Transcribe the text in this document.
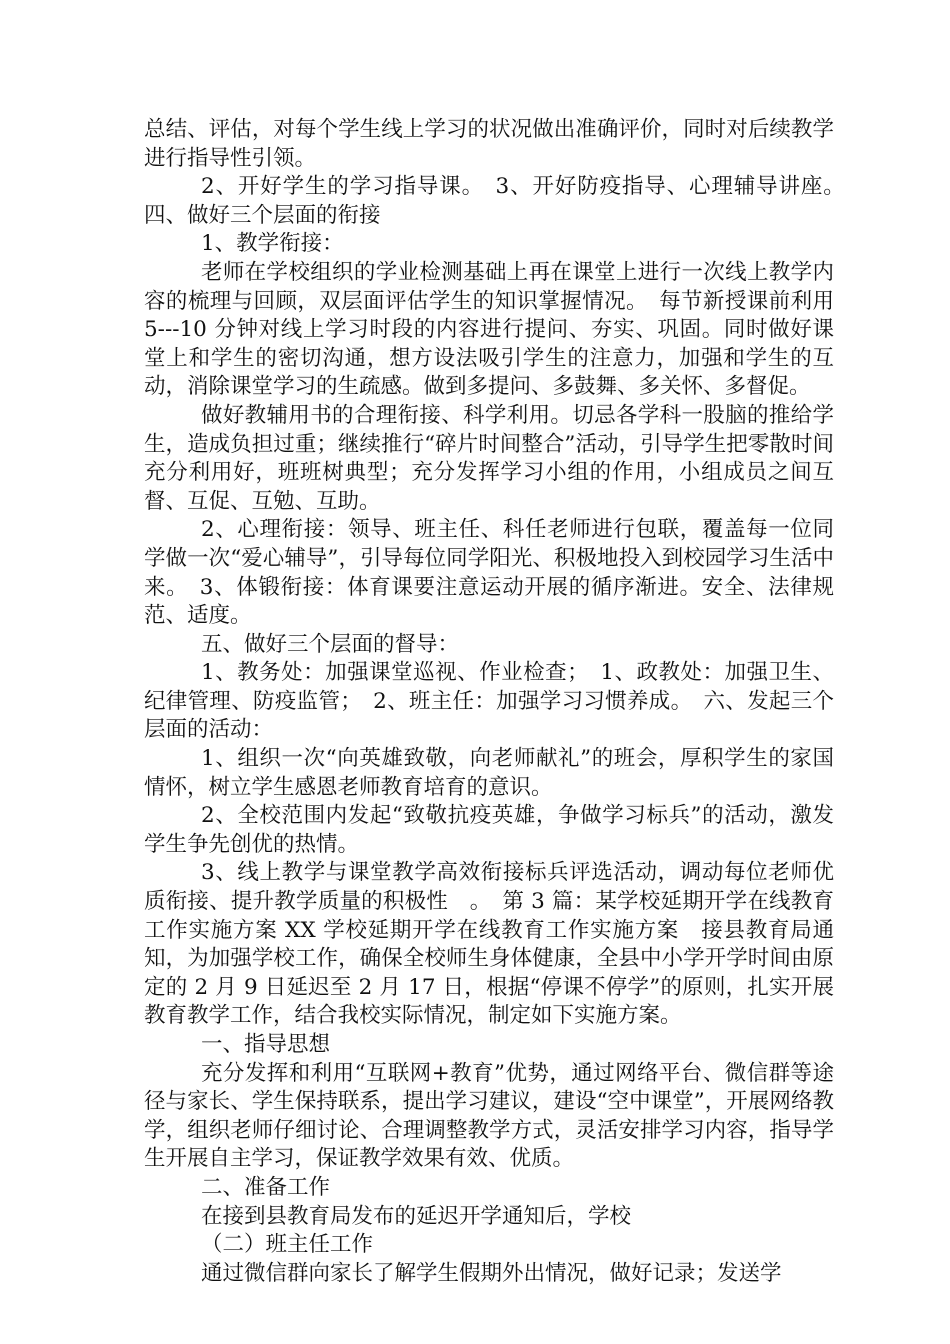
总结、评估，对每个学生线上学习的状况做出准确评价，同时对后续教学进行指导性引领。

2、开好学生的学习指导课。　3、开好防疫指导、心理辅导讲座。　四、做好三个层面的衔接

1、教学衔接：

老师在学校组织的学业检测基础上再在课堂上进行一次线上教学内容的梳理与回顾，双层面评估学生的知识掌握情况。　每节新授课前利用 5---10 分钟对线上学习时段的内容进行提问、夯实、巩固。同时做好课堂上和学生的密切沟通，想方设法吸引学生的注意力，加强和学生的互动，消除课堂学习的生疏感。做到多提问、多鼓舞、多关怀、多督促。

做好教辅用书的合理衔接、科学利用。切忌各学科一股脑的推给学生，造成负担过重；继续推行“碎片时间整合”活动，引导学生把零散时间充分利用好，班班树典型；充分发挥学习小组的作用，小组成员之间互督、互促、互勉、互助。

2、心理衔接：领导、班主任、科任老师进行包联，覆盖每一位同学做一次“爱心辅导”，引导每位同学阳光、积极地投入到校园学习生活中来。　3、体锻衔接：体育课要注意运动开展的循序渐进。安全、法律规范、适度。

五、做好三个层面的督导：

1、教务处：加强课堂巡视、作业检查；　1、政教处：加强卫生、纪律管理、防疫监管；　2、班主任：加强学习习惯养成。　六、发起三个层面的活动：

1、组织一次“向英雄致敬，向老师献礼”的班会，厚积学生的家国情怀，树立学生感恩老师教育培育的意识。

2、全校范围内发起“致敬抗疫英雄，争做学习标兵”的活动，激发学生争先创优的热情。

3、线上教学与课堂教学高效衔接标兵评选活动，调动每位老师优质衔接、提升教学质量的积极性　。　第 3 篇：某学校延期开学在线教育工作实施方案 XX 学校延期开学在线教育工作实施方案　接县教育局通知，为加强学校工作，确保全校师生身体健康，全县中小学开学时间由原定的 2 月 9 日延迟至 2 月 17 日，根据“停课不停学”的原则，扎实开展教育教学工作，结合我校实际情况，制定如下实施方案。

一、指导思想

充分发挥和利用“互联网+教育”优势，通过网络平台、微信群等途径与家长、学生保持联系，提出学习建议，建设“空中课堂”，开展网络教学，组织老师仔细讨论、合理调整教学方式，灵活安排学习内容，指导学生开展自主学习，保证教学效果有效、优质。

二、准备工作

在接到县教育局发布的延迟开学通知后，学校

（二）班主任工作

通过微信群向家长了解学生假期外出情况，做好记录；发送学
